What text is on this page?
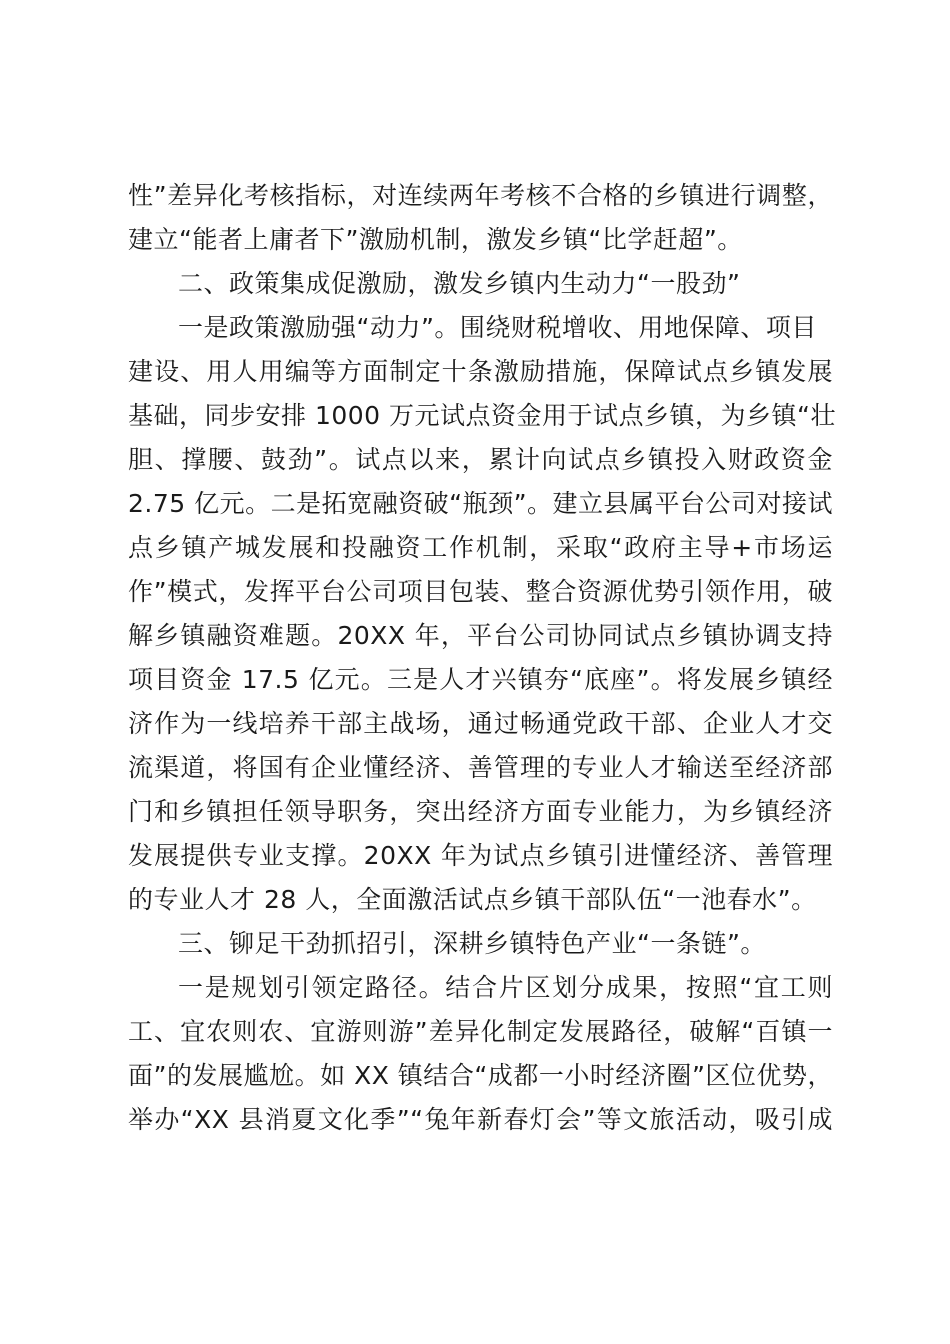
性”差异化考核指标，对连续两年考核不合格的乡镇进行调整，
建立“能者上庸者下”激励机制，激发乡镇“比学赶超”。
二、政策集成促激励，激发乡镇内生动力“一股劲”
一是政策激励强“动力”。围绕财税增收、用地保障、项目
建设、用人用编等方面制定十条激励措施，保障试点乡镇发展
基础，同步安排 1000 万元试点资金用于试点乡镇，为乡镇“壮
胆、撑腰、鼓劲”。试点以来，累计向试点乡镇投入财政资金
2.75 亿元。二是拓宽融资破“瓶颈”。建立县属平台公司对接试
点乡镇产城发展和投融资工作机制，采取“政府主导+市场运
作”模式，发挥平台公司项目包装、整合资源优势引领作用，破
解乡镇融资难题。20XX 年，平台公司协同试点乡镇协调支持
项目资金 17.5 亿元。三是人才兴镇夯“底座”。将发展乡镇经
济作为一线培养干部主战场，通过畅通党政干部、企业人才交
流渠道，将国有企业懂经济、善管理的专业人才输送至经济部
门和乡镇担任领导职务，突出经济方面专业能力，为乡镇经济
发展提供专业支撑。20XX 年为试点乡镇引进懂经济、善管理
的专业人才 28 人，全面激活试点乡镇干部队伍“一池春水”。
三、铆足干劲抓招引，深耕乡镇特色产业“一条链”。
一是规划引领定路径。结合片区划分成果，按照“宜工则
工、宜农则农、宜游则游”差异化制定发展路径，破解“百镇一
面”的发展尴尬。如 XX 镇结合“成都一小时经济圈”区位优势，
举办“XX 县消夏文化季”“兔年新春灯会”等文旅活动，吸引成
